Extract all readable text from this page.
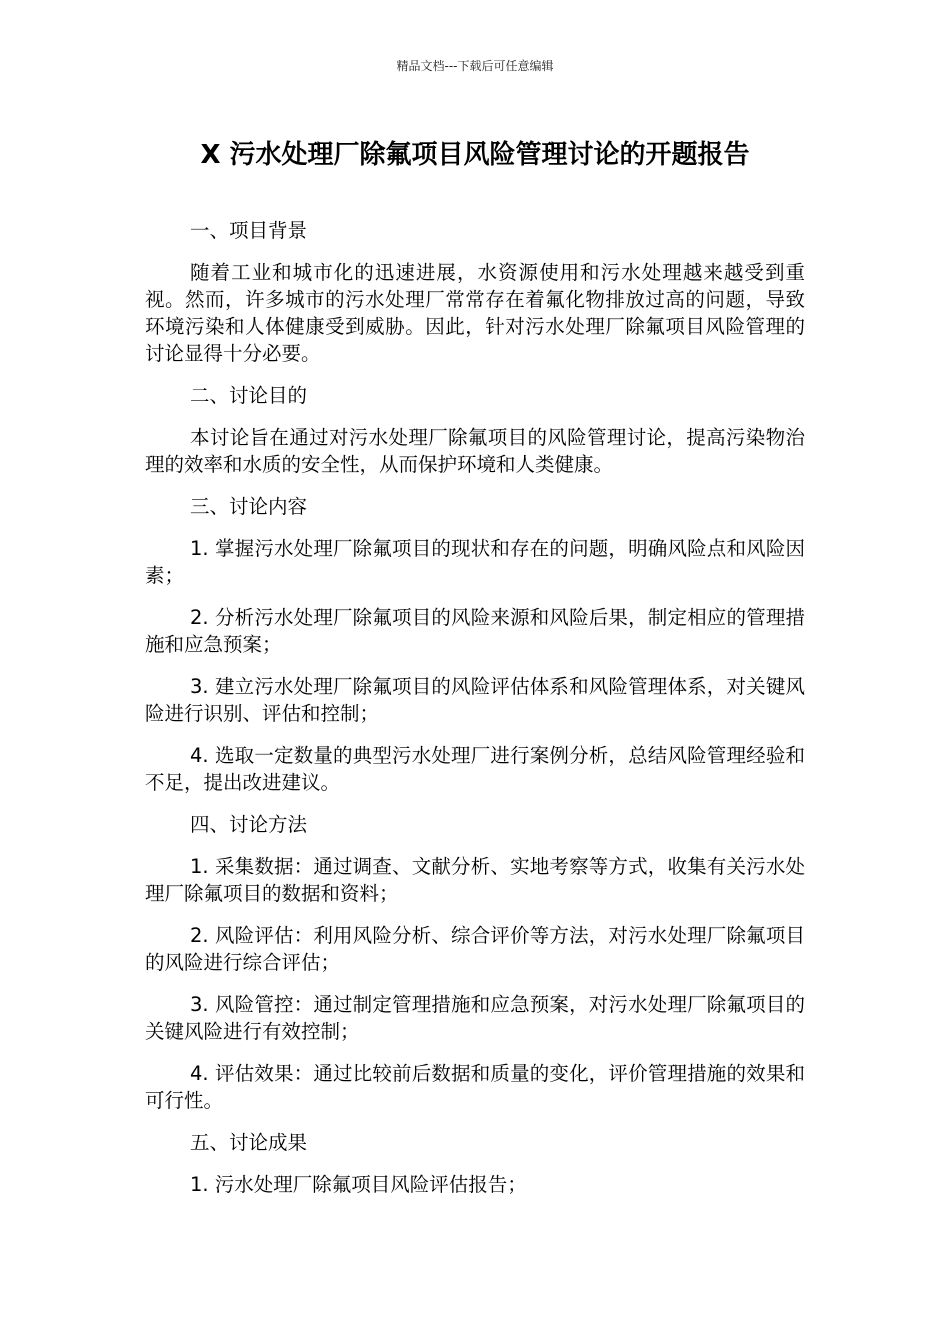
精品文档---下载后可任意编辑
X 污水处理厂除氟项目风险管理讨论的开题报告

一、项目背景

随着工业和城市化的迅速进展，水资源使用和污水处理越来越受到重视。然而，许多城市的污水处理厂常常存在着氟化物排放过高的问题，导致环境污染和人体健康受到威胁。因此，针对污水处理厂除氟项目风险管理的讨论显得十分必要。

二、讨论目的

本讨论旨在通过对污水处理厂除氟项目的风险管理讨论，提高污染物治理的效率和水质的安全性，从而保护环境和人类健康。

三、讨论内容

1. 掌握污水处理厂除氟项目的现状和存在的问题，明确风险点和风险因素；

2. 分析污水处理厂除氟项目的风险来源和风险后果，制定相应的管理措施和应急预案；

3. 建立污水处理厂除氟项目的风险评估体系和风险管理体系，对关键风险进行识别、评估和控制；

4. 选取一定数量的典型污水处理厂进行案例分析，总结风险管理经验和不足，提出改进建议。

四、讨论方法

1. 采集数据：通过调查、文献分析、实地考察等方式，收集有关污水处理厂除氟项目的数据和资料；

2. 风险评估：利用风险分析、综合评价等方法，对污水处理厂除氟项目的风险进行综合评估；

3. 风险管控：通过制定管理措施和应急预案，对污水处理厂除氟项目的关键风险进行有效控制；

4. 评估效果：通过比较前后数据和质量的变化，评价管理措施的效果和可行性。

五、讨论成果

1. 污水处理厂除氟项目风险评估报告；
